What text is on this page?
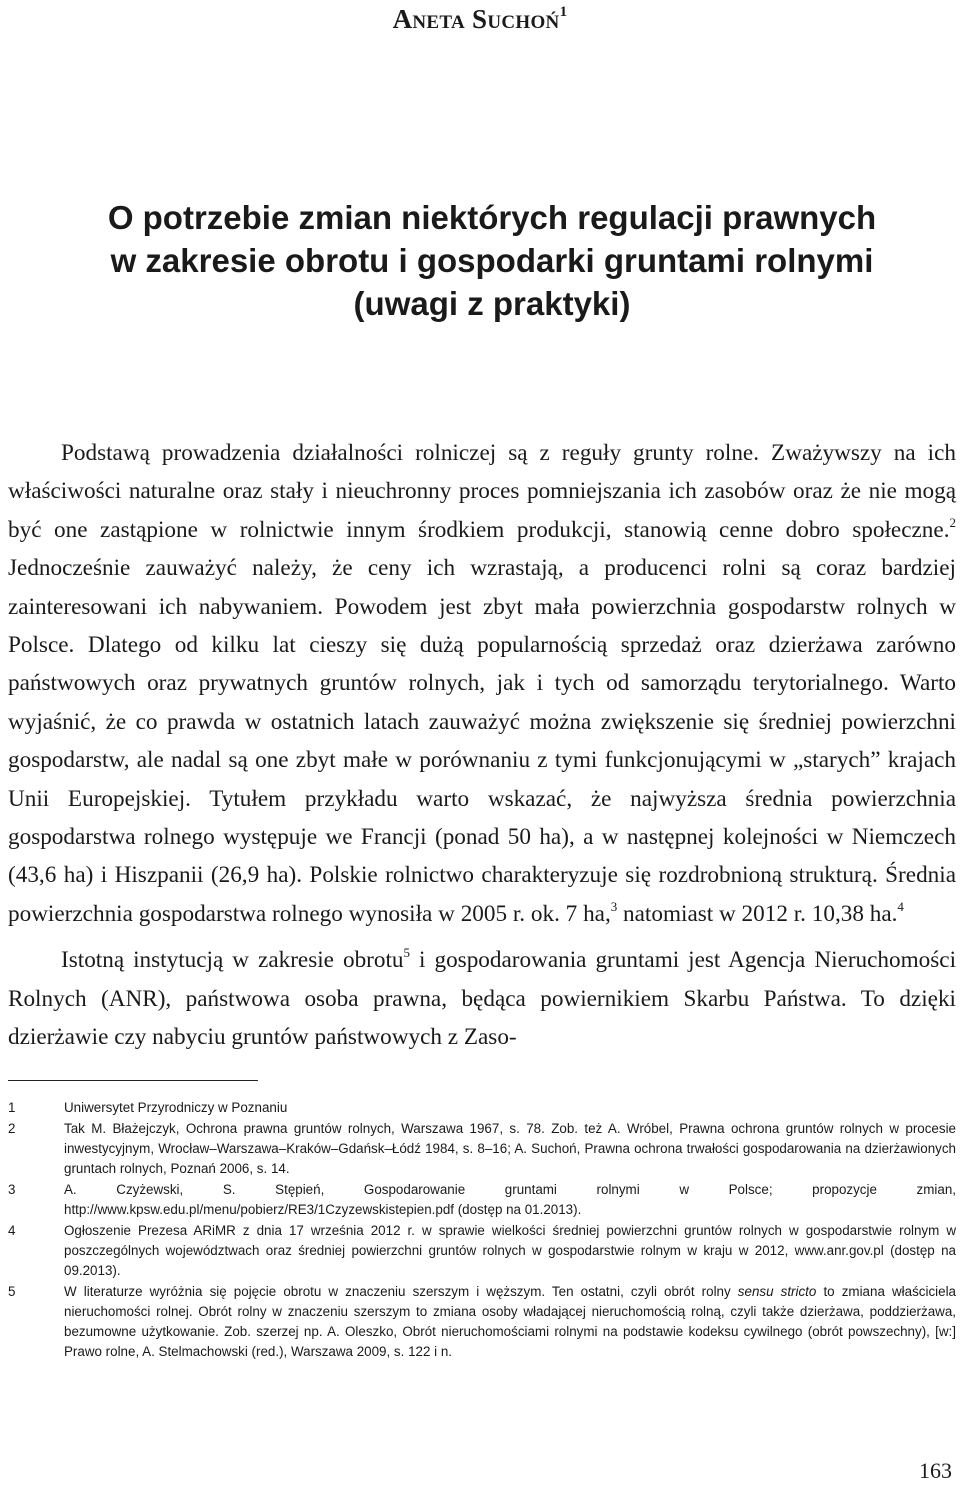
Aneta Suchoń$^1$
O potrzebie zmian niektórych regulacji prawnych
w zakresie obrotu i gospodarki gruntami rolnymi
(uwagi z praktyki)

Podstawą prowadzenia działalności rolniczej są z reguły grunty rolne. Zważywszy na ich właściwości naturalne oraz stały i nieuchronny proces pomniejszania ich zasobów oraz że nie mogą być one zastąpione w rolnictwie innym środkiem produkcji, stanowią cenne dobro społeczne.$^2$ Jednocześnie zauważyć należy, że ceny ich wzrastają, a producenci rolni są coraz bardziej zainteresowani ich nabywaniem. Powodem jest zbyt mała powierzchnia gospodarstw rolnych w Polsce. Dlatego od kilku lat cieszy się dużą popularnością sprzedaż oraz dzierżawa zarówno państwowych oraz prywatnych gruntów rolnych, jak i tych od samorządu terytorialnego. Warto wyjaśnić, że co prawda w ostatnich latach zauważyć można zwiększenie się średniej powierzchni gospodarstw, ale nadal są one zbyt małe w porównaniu z tymi funkcjonującymi w „starych” krajach Unii Europejskiej. Tytułem przykładu warto wskazać, że najwyższa średnia powierzchnia gospodarstwa rolnego występuje we Francji (ponad 50 ha), a w następnej kolejności w Niemczech (43,6 ha) i Hiszpanii (26,9 ha). Polskie rolnictwo charakteryzuje się rozdrobnioną strukturą. Średnia powierzchnia gospodarstwa rolnego wynosiła w 2005 r. ok. 7 ha,$^3$ natomiast w 2012 r. 10,38 ha.$^4$

Istotną instytucją w zakresie obrotu$^5$ i gospodarowania gruntami jest Agencja Nieruchomości Rolnych (ANR), państwowa osoba prawna, będąca powiernikiem Skarbu Państwa. To dzięki dzierżawie czy nabyciu gruntów państwowych z Zaso-

1	Uniwersytet Przyrodniczy w Poznaniu
2	Tak M. Błażejczyk, Ochrona prawna gruntów rolnych, Warszawa 1967, s. 78. Zob. też A. Wróbel, Prawna ochrona gruntów rolnych w procesie inwestycyjnym, Wrocław–Warszawa–Kraków–Gdańsk–Łódź 1984, s. 8–16; A. Suchoń, Prawna ochrona trwałości gospodarowania na dzierżawionych gruntach rolnych, Poznań 2006, s. 14.
3	A. Czyżewski, S. Stępień, Gospodarowanie gruntami rolnymi w Polsce; propozycje zmian, http://www.kpsw.edu.pl/menu/pobierz/RE3/1Czyzewskistepien.pdf (dostęp na 01.2013).
4	Ogłoszenie Prezesa ARiMR z dnia 17 września 2012 r. w sprawie wielkości średniej powierzchni gruntów rolnych w gospodarstwie rolnym w poszczególnych województwach oraz średniej powierzchni gruntów rolnych w gospodarstwie rolnym w kraju w 2012, www.anr.gov.pl (dostęp na 09.2013).
5	W literaturze wyróżnia się pojęcie obrotu w znaczeniu szerszym i węższym. Ten ostatni, czyli obrót rolny sensu stricto to zmiana właściciela nieruchomości rolnej. Obrót rolny w znaczeniu szerszym to zmiana osoby władającej nieruchomością rolną, czyli także dzierżawa, poddzierżawa, bezumowne użytkowanie. Zob. szerzej np. A. Oleszko, Obrót nieruchomościami rolnymi na podstawie kodeksu cywilnego (obrót powszechny), [w:] Prawo rolne, A. Stelmachowski (red.), Warszawa 2009, s. 122 i n.

163
